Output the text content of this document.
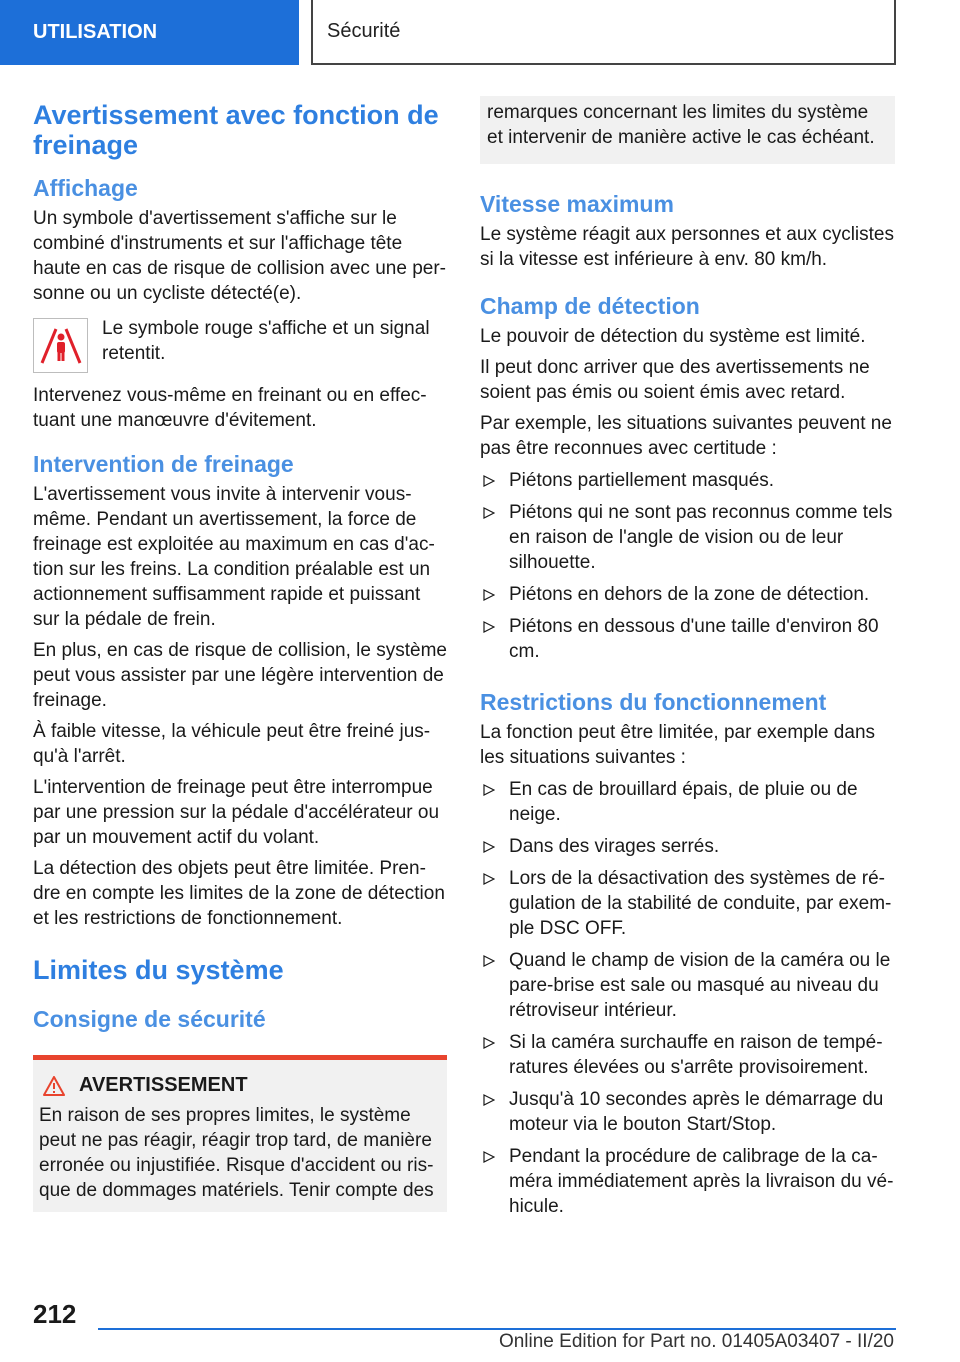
UTILISATION	Sécurité
Avertissement avec fonction de freinage
Affichage

Un symbole d'avertissement s'affiche sur le combiné d'instruments et sur l'affichage tête haute en cas de risque de collision avec une personne ou un cycliste détecté(e).

Le symbole rouge s'affiche et un signal retentit.

Intervenez vous-même en freinant ou en effectuant une manœuvre d'évitement.

Intervention de freinage

L'avertissement vous invite à intervenir vous-même. Pendant un avertissement, la force de freinage est exploitée au maximum en cas d'action sur les freins. La condition préalable est un actionnement suffisamment rapide et puissant sur la pédale de frein.

En plus, en cas de risque de collision, le système peut vous assister par une légère intervention de freinage.

À faible vitesse, la véhicule peut être freiné jusqu'à l'arrêt.

L'intervention de freinage peut être interrompue par une pression sur la pédale d'accélérateur ou par un mouvement actif du volant.

La détection des objets peut être limitée. Prendre en compte les limites de la zone de détection et les restrictions de fonctionnement.

Limites du système
Consigne de sécurité
AVERTISSEMENT

En raison de ses propres limites, le système peut ne pas réagir, réagir trop tard, de manière erronée ou injustifiée. Risque d'accident ou risque de dommages matériels. Tenir compte des

remarques concernant les limites du système et intervenir de manière active le cas échéant.

Vitesse maximum

Le système réagit aux personnes et aux cyclistes si la vitesse est inférieure à env. 80 km/h.

Champ de détection

Le pouvoir de détection du système est limité.

Il peut donc arriver que des avertissements ne soient pas émis ou soient émis avec retard.

Par exemple, les situations suivantes peuvent ne pas être reconnues avec certitude :

Piétons partiellement masqués.
Piétons qui ne sont pas reconnus comme tels en raison de l'angle de vision ou de leur silhouette.
Piétons en dehors de la zone de détection.
Piétons en dessous d'une taille d'environ 80 cm.
Restrictions du fonctionnement

La fonction peut être limitée, par exemple dans les situations suivantes :

En cas de brouillard épais, de pluie ou de neige.
Dans des virages serrés.
Lors de la désactivation des systèmes de régulation de la stabilité de conduite, par exemple DSC OFF.
Quand le champ de vision de la caméra ou le pare-brise est sale ou masqué au niveau du rétroviseur intérieur.
Si la caméra surchauffe en raison de températures élevées ou s'arrête provisoirement.
Jusqu'à 10 secondes après le démarrage du moteur via le bouton Start/Stop.
Pendant la procédure de calibrage de la caméra immédiatement après la livraison du véhicule.
212
Online Edition for Part no. 01405A03407 - II/20
